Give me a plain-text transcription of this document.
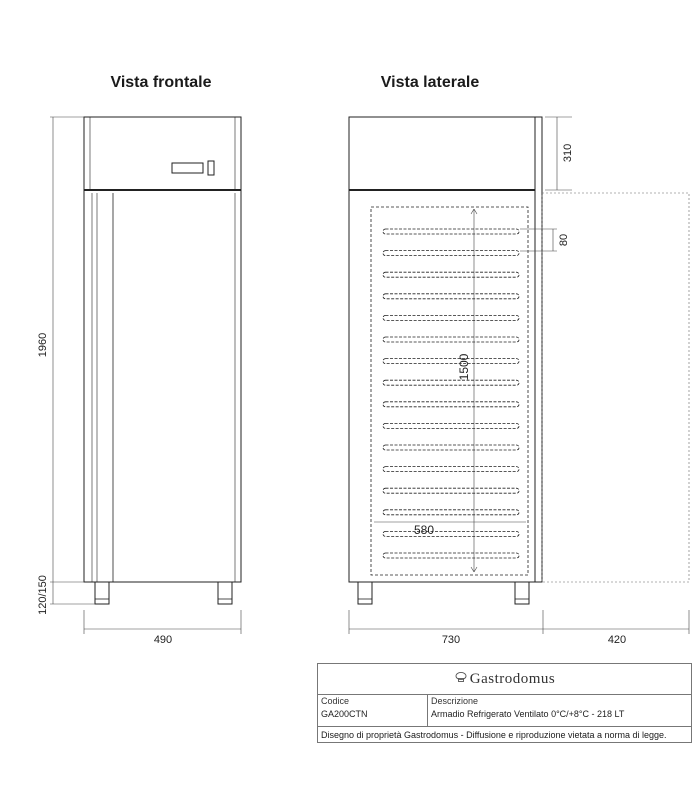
Vista frontale	Vista laterale
1960
120/150
490
310
80
1500
580
730	420
Gastrodomus
Codice
GA200CTN
Descrizione
Armadio Refrigerato Ventilato 0°C/+8°C - 218 LT
Disegno di proprietà Gastrodomus - Diffusione e riproduzione vietata a norma di legge.
